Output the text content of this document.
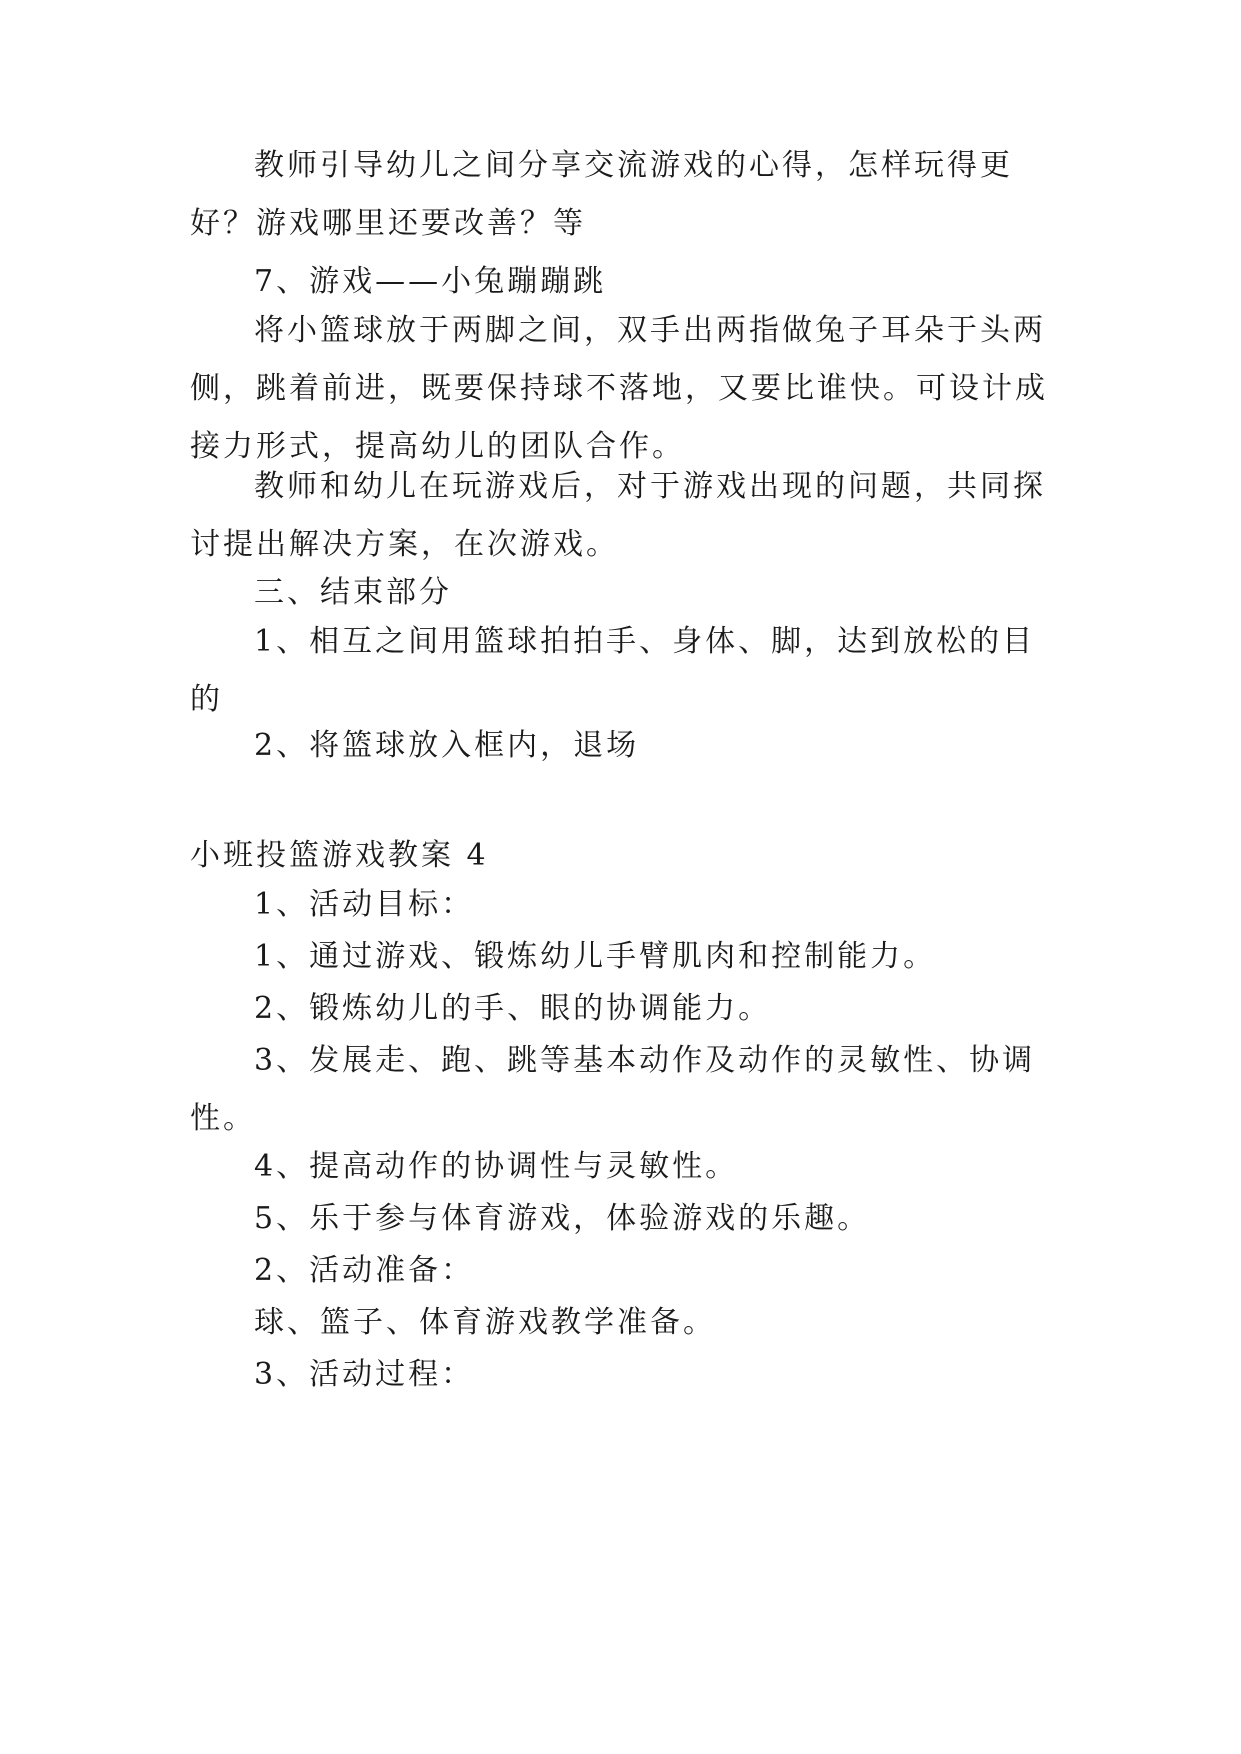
教师引导幼儿之间分享交流游戏的心得，怎样玩得更好？游戏哪里还要改善？等

7、游戏——小兔蹦蹦跳

将小篮球放于两脚之间，双手出两指做兔子耳朵于头两侧，跳着前进，既要保持球不落地，又要比谁快。可设计成接力形式，提高幼儿的团队合作。

教师和幼儿在玩游戏后，对于游戏出现的问题，共同探讨提出解决方案，在次游戏。

三、结束部分

1、相互之间用篮球拍拍手、身体、脚，达到放松的目的

2、将篮球放入框内，退场

小班投篮游戏教案 4

1、活动目标：

1、通过游戏、锻炼幼儿手臂肌肉和控制能力。

2、锻炼幼儿的手、眼的协调能力。

3、发展走、跑、跳等基本动作及动作的灵敏性、协调性。

4、提高动作的协调性与灵敏性。

5、乐于参与体育游戏，体验游戏的乐趣。

2、活动准备：

球、篮子、体育游戏教学准备。

3、活动过程：
